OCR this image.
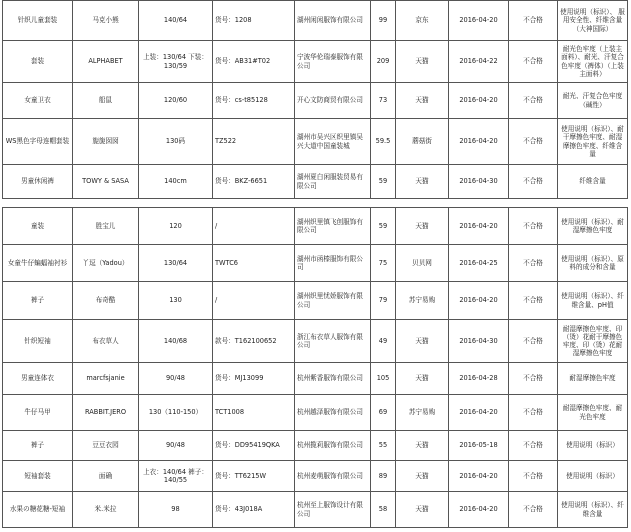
针织儿童套装	马克小熊	140/64	货号：1208	湖州闲闲服饰有限公司	99	京东	2016-04-20	不合格	使用说明（标识）、 服用安全性、纤维含量（大神国际）
套装	ALPHABET	上装：130/64 下装：130/59	货号：AB31#T02	宁波华伦瑞泰服饰有限公司	209	天猫	2016-04-22	不合格	耐光色牢度（上装主面料）、耐光、汗复合色牢度（裤体）（上装主面料）
女童卫衣	船鼠	120/60	货号：cs-t85128	开心文防商贸有限公司	73	天猫	2016-04-20	不合格	耐光、汗复合色牢度（碱性）
WS黑色字母连帽套装	旎旎囡囡	130码	TZ522	湖州市吴兴区织里镇吴兴大道中国童装城	59.5	蘑菇街	2016-04-20	不合格	使用说明（标识）、耐干摩擦色牢度、耐湿摩擦色牢度、纤维含量
男童休闲裤	TOWY & SASA	140cm	货号：BKZ-6651	湖州夏白闲服装贸易有限公司	59	天猫	2016-04-30	不合格	纤维含量
童装	胜宝儿	120	/	湖州织里镇飞创服饰有限公司	59	天猫	2016-04-20	不合格	使用说明（标识）、耐湿摩擦色牢度
女童牛仔蝙蝠袖衬衫	丫逗（Yadou）	130/64	TWTC6	湖州市函榛服饰有限公司	75	贝贝网	2016-04-25	不合格	使用说明（标识）、原料的成分和含量
裤子	布奇酷	130	/	湖州织里忧娇服饰有限公司	79	苏宁易购	2016-04-20	不合格	使用说明（标识）、纤维含量、pH值
针织短袖	布衣草人	140/68	款号：T162100652	浙江布衣草人服饰有限公司	49	天猫	2016-04-30	不合格	耐湿摩擦色牢度、印（烫）花耐干摩擦色牢度、印（烫）花耐湿摩擦色牢度
男童连体衣	marcfsjanie	90/48	货号：MJ13099	杭州紫香服饰有限公司	105	天猫	2016-04-28	不合格	耐湿摩擦色牢度
牛仔马甲	RABBIT.JERO	130（110-150）	TCT1008	杭州越泽服饰有限公司	69	苏宁易购	2016-04-20	不合格	耐湿摩擦色牢度、耐光色牢度
裤子	豆豆衣园	90/48	货号：DD95419QKA	杭州揽莉服饰有限公司	55	天猫	2016-05-18	不合格	使用说明（标识）
短袖套装	面确	上衣：140/64 裤子：140/55	货号：TT6215W	杭州麦萌服饰有限公司	89	天猫	2016-04-20	不合格	使用说明（标识）
水果の糖花糖-短袖	米.米拉	98	货号：43J018A	杭州至上服饰设计有限公司	58	天猫	2016-04-20	不合格	使用说明（标识）、纤维含量
